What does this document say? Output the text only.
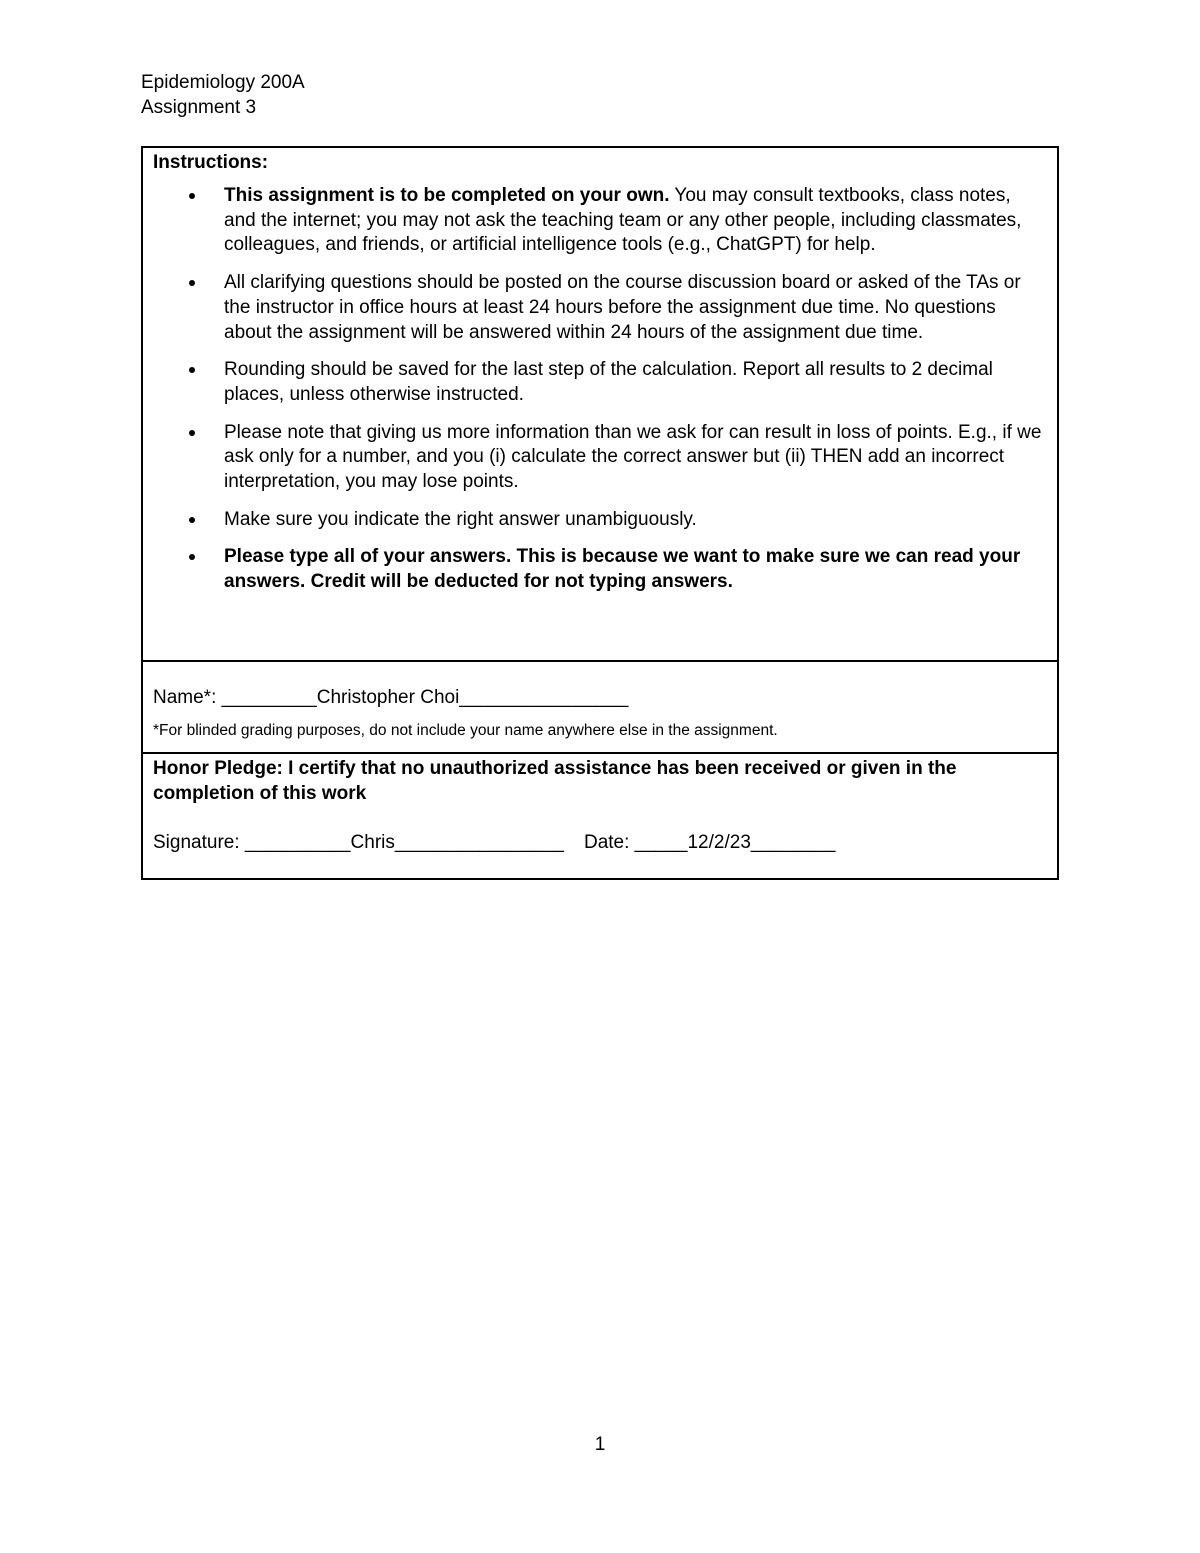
Epidemiology 200A
Assignment 3
Instructions:
This assignment is to be completed on your own. You may consult textbooks, class notes, and the internet; you may not ask the teaching team or any other people, including classmates, colleagues, and friends, or artificial intelligence tools (e.g., ChatGPT) for help.
All clarifying questions should be posted on the course discussion board or asked of the TAs or the instructor in office hours at least 24 hours before the assignment due time. No questions about the assignment will be answered within 24 hours of the assignment due time.
Rounding should be saved for the last step of the calculation. Report all results to 2 decimal places, unless otherwise instructed.
Please note that giving us more information than we ask for can result in loss of points. E.g., if we ask only for a number, and you (i) calculate the correct answer but (ii) THEN add an incorrect interpretation, you may lose points.
Make sure you indicate the right answer unambiguously.
Please type all of your answers. This is because we want to make sure we can read your answers. Credit will be deducted for not typing answers.
Name*: _________Christopher Choi________________
*For blinded grading purposes, do not include your name anywhere else in the assignment.
Honor Pledge: I certify that no unauthorized assistance has been received or given in the completion of this work
Signature: __________Chris________________ Date: _____12/2/23________
1
